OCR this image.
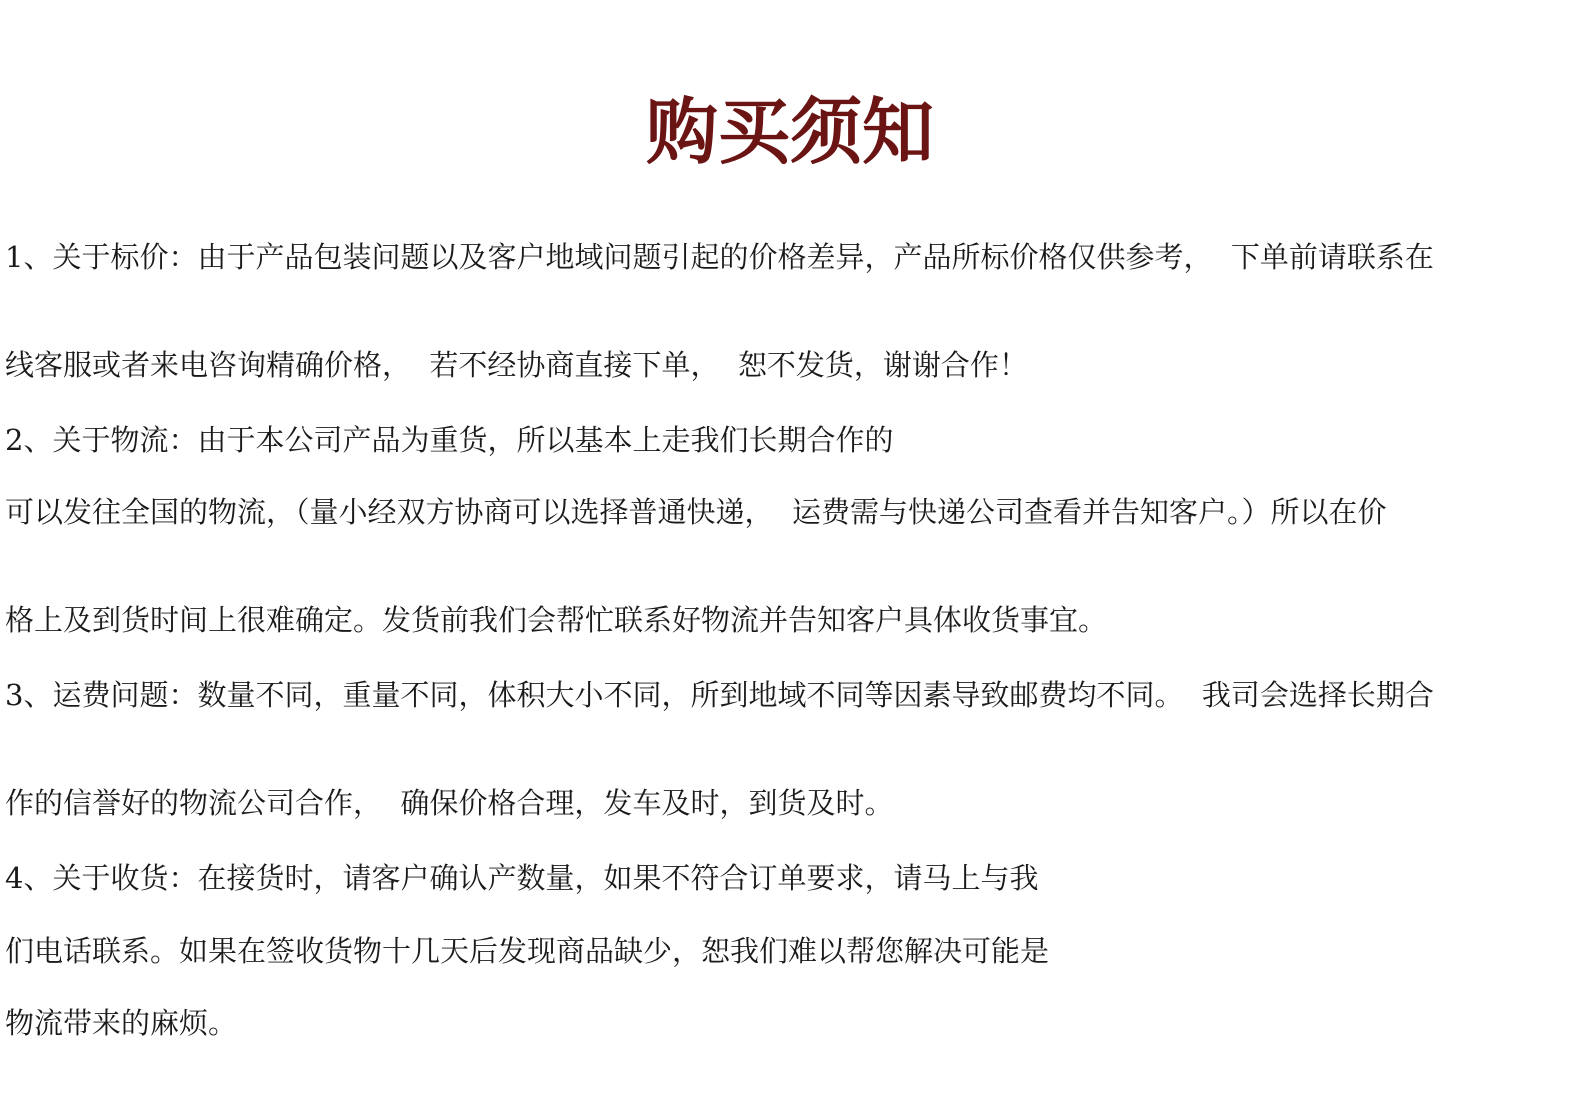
购买须知

1、关于标价：由于产品包装问题以及客户地域问题引起的价格差异，产品所标价格仅供参考，  下单前请联系在

线客服或者来电咨询精确价格，  若不经协商直接下单，  恕不发货，谢谢合作！

2、关于物流：由于本公司产品为重货，所以基本上走我们长期合作的

可以发往全国的物流，（量小经双方协商可以选择普通快递，  运费需与快递公司查看并告知客户。）所以在价

格上及到货时间上很难确定。发货前我们会帮忙联系好物流并告知客户具体收货事宜。

3、运费问题：数量不同，重量不同，体积大小不同，所到地域不同等因素导致邮费均不同。  我司会选择长期合

作的信誉好的物流公司合作，  确保价格合理，发车及时，到货及时。

4、关于收货：在接货时，请客户确认产数量，如果不符合订单要求，请马上与我

们电话联系。如果在签收货物十几天后发现商品缺少，恕我们难以帮您解决可能是

物流带来的麻烦。
